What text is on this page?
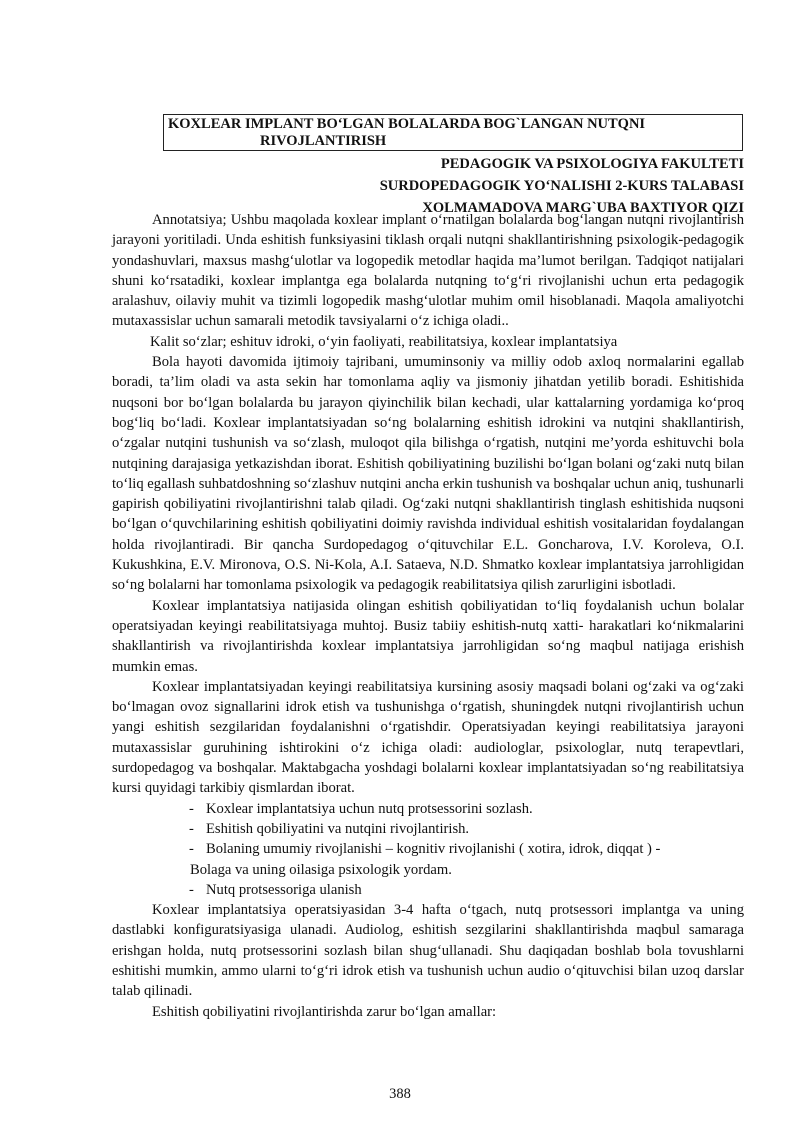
KOXLEAR IMPLANT BO‘LGAN BOLALARDA BOG`LANGAN NUTQNI
RIVOJLANTIRISH
PEDAGOGIK VA PSIXOLOGIYA FAKULTETI
SURDOPEDAGOGIK YO‘NALISHI 2-KURS TALABASI
XOLMAMADOVA MARG`UBA BAXTIYOR QIZI

Annotatsiya; Ushbu maqolada koxlear implant o‘rnatilgan bolalarda bog‘langan nutqni rivojlantirish jarayoni yoritiladi. Unda eshitish funksiyasini tiklash orqali nutqni shakllantirishning psixologik-pedagogik yondashuvlari, maxsus mashg‘ulotlar va logopedik metodlar haqida ma’lumot berilgan. Tadqiqot natijalari shuni ko‘rsatadiki, koxlear implantga ega bolalarda nutqning to‘g‘ri rivojlanishi uchun erta pedagogik aralashuv, oilaviy muhit va tizimli logopedik mashg‘ulotlar muhim omil hisoblanadi. Maqola amaliyotchi mutaxassislar uchun samarali metodik tavsiyalarni o‘z ichiga oladi..

Kalit so‘zlar; eshituv idroki, o‘yin faoliyati, reabilitatsiya, koxlear implantatsiya

Bola hayoti davomida ijtimoiy tajribani, umuminsoniy va milliy odob axloq normalarini egallab boradi, ta’lim oladi va asta sekin har tomonlama aqliy va jismoniy jihatdan yetilib boradi. Eshitishida nuqsoni bor bo‘lgan bolalarda bu jarayon qiyinchilik bilan kechadi, ular kattalarning yordamiga ko‘proq bog‘liq bo‘ladi. Koxlear implantatsiyadan so‘ng bolalarning eshitish idrokini va nutqini shakllantirish, o‘zgalar nutqini tushunish va so‘zlash, muloqot qila bilishga o‘rgatish, nutqini me’yorda eshituvchi bola nutqining darajasiga yetkazishdan iborat. Eshitish qobiliyatining buzilishi bo‘lgan bolani og‘zaki nutq bilan to‘liq egallash suhbatdoshning so‘zlashuv nutqini ancha erkin tushunish va boshqalar uchun aniq, tushunarli gapirish qobiliyatini rivojlantirishni talab qiladi. Og‘zaki nutqni shakllantirish tinglash eshitishida nuqsoni bo‘lgan o‘quvchilarining eshitish qobiliyatini doimiy ravishda individual eshitish vositalaridan foydalangan holda rivojlantiradi. Bir qancha Surdopedagog o‘qituvchilar E.L. Goncharova, I.V. Koroleva, O.I. Kukushkina, E.V. Mironova, O.S. Ni-Kola, A.I. Sataeva, N.D. Shmatko koxlear implantatsiya jarrohligidan so‘ng bolalarni har tomonlama psixologik va pedagogik reabilitatsiya qilish zarurligini isbotladi.

Koxlear implantatsiya natijasida olingan eshitish qobiliyatidan to‘liq foydalanish uchun bolalar operatsiyadan keyingi reabilitatsiyaga muhtoj. Busiz tabiiy eshitish-nutq xatti- harakatlari ko‘nikmalarini shakllantirish va rivojlantirishda koxlear implantatsiya jarrohligidan so‘ng maqbul natijaga erishish mumkin emas.

Koxlear implantatsiyadan keyingi reabilitatsiya kursining asosiy maqsadi bolani og‘zaki va og‘zaki bo‘lmagan ovoz signallarini idrok etish va tushunishga o‘rgatish, shuningdek nutqni rivojlantirish uchun yangi eshitish sezgilaridan foydalanishni o‘rgatishdir. Operatsiyadan keyingi reabilitatsiya jarayoni mutaxassislar guruhining ishtirokini o‘z ichiga oladi: audiologlar, psixologlar, nutq terapevtlari, surdopedagog va boshqalar. Maktabgacha yoshdagi bolalarni koxlear implantatsiyadan so‘ng reabilitatsiya kursi quyidagi tarkibiy qismlardan iborat.

- Koxlear implantatsiya uchun nutq protsessorini sozlash.
- Eshitish qobiliyatini va nutqini rivojlantirish.
- Bolaning umumiy rivojlanishi – kognitiv rivojlanishi ( xotira, idrok, diqqat ) -

Bolaga va uning oilasiga psixologik yordam.

- Nutq protsessoriga ulanish

Koxlear implantatsiya operatsiyasidan 3-4 hafta o‘tgach, nutq protsessori implantga va uning dastlabki konfiguratsiyasiga ulanadi. Audiolog, eshitish sezgilarini shakllantirishda maqbul samaraga erishgan holda, nutq protsessorini sozlash bilan shug‘ullanadi. Shu daqiqadan boshlab bola tovushlarni eshitishi mumkin, ammo ularni to‘g‘ri idrok etish va tushunish uchun audio o‘qituvchisi bilan uzoq darslar talab qilinadi.

Eshitish qobiliyatini rivojlantirishda zarur bo‘lgan amallar:

388
